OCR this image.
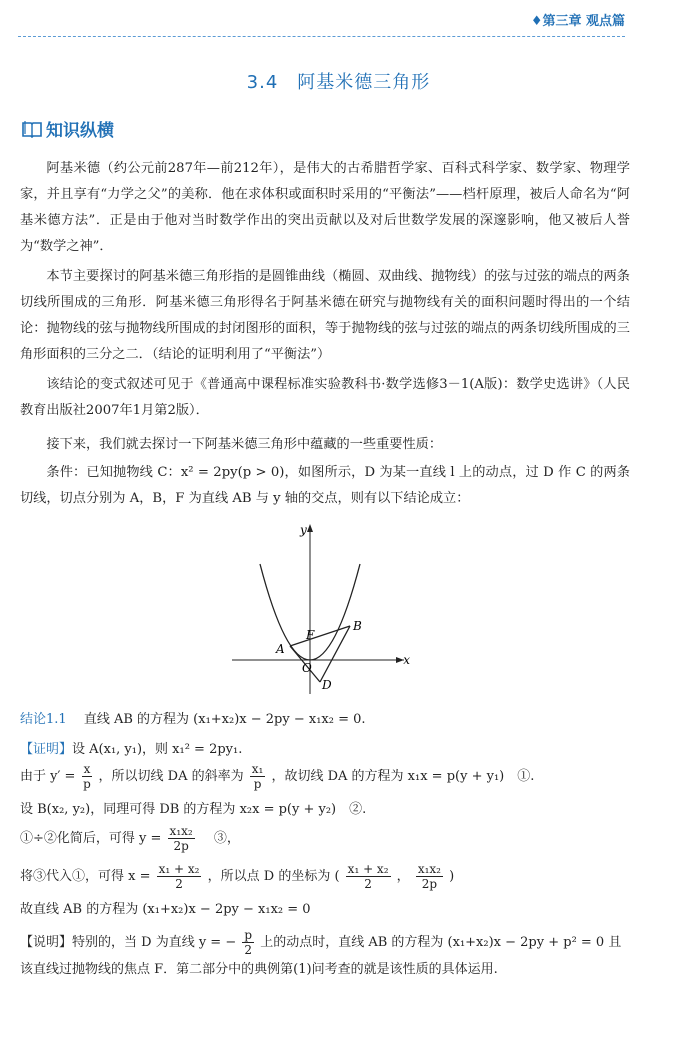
♦第三章 观点篇
3.4　阿基米德三角形
知识纵横

阿基米德（约公元前287年—前212年），是伟大的古希腊哲学家、百科式科学家、数学家、物理学家，并且享有“力学之父”的美称．他在求体积或面积时采用的“平衡法”——档杆原理，被后人命名为“阿基米德方法”．正是由于他对当时数学作出的突出贡献以及对后世数学发展的深邃影响，他又被后人誉为“数学之神”．

本节主要探讨的阿基米德三角形指的是圆锥曲线（椭圆、双曲线、抛物线）的弦与过弦的端点的两条切线所围成的三角形．阿基米德三角形得名于阿基米德在研究与抛物线有关的面积问题时得出的一个结论：抛物线的弦与抛物线所围成的封闭图形的面积，等于抛物线的弦与过弦的端点的两条切线所围成的三角形面积的三分之二．（结论的证明利用了“平衡法”）

该结论的变式叙述可见于《普通高中课程标准实验教科书·数学选修3－1(A版)：数学史选讲》（人民教育出版社2007年1月第2版）．

接下来，我们就去探讨一下阿基米德三角形中蕴藏的一些重要性质：

条件：已知抛物线 C：x² = 2py(p > 0)，如图所示，D 为某一直线 l 上的动点，过 D 作 C 的两条切线，切点分别为 A，B，F 为直线 AB 与 y 轴的交点，则有以下结论成立：

x
y
A
B
F
O
D
结论1.1　 直线 AB 的方程为 (x₁+x₂)x − 2py − x₁x₂ = 0.
【证明】设 A(x₁, y₁)，则 x₁² = 2py₁.
由于 $y' = \frac{x}{p}$ ，所以切线 DA 的斜率为 $\frac{\text{x₁}}{p}$ ，故切线 DA 的方程为 x₁x = p(y + y₁)　①.
设 B(x₂, y₂)，同理可得 DB 的方程为 x₂x = p(y + y₂)　②.
①÷②化简后，可得 $y = \frac{\text{x₁x₂}}{2p}$ 　③，
将③代入①，可得 $x = \frac{\text{x₁ + x₂}}{2}$ ，所以点 D 的坐标为 ( $\frac{\text{x₁ + x₂}}{2}$ ， $\frac{\text{x₁x₂}}{2p}$ )
故直线 AB 的方程为 (x₁+x₂)x − 2py − x₁x₂ = 0
【说明】特别的，当 D 为直线 y = − $\frac{p}{2}$ 上的动点时，直线 AB 的方程为 (x₁+x₂)x − 2py + p² = 0 且
该直线过抛物线的焦点 F．第二部分中的典例第(1)问考查的就是该性质的具体运用.
